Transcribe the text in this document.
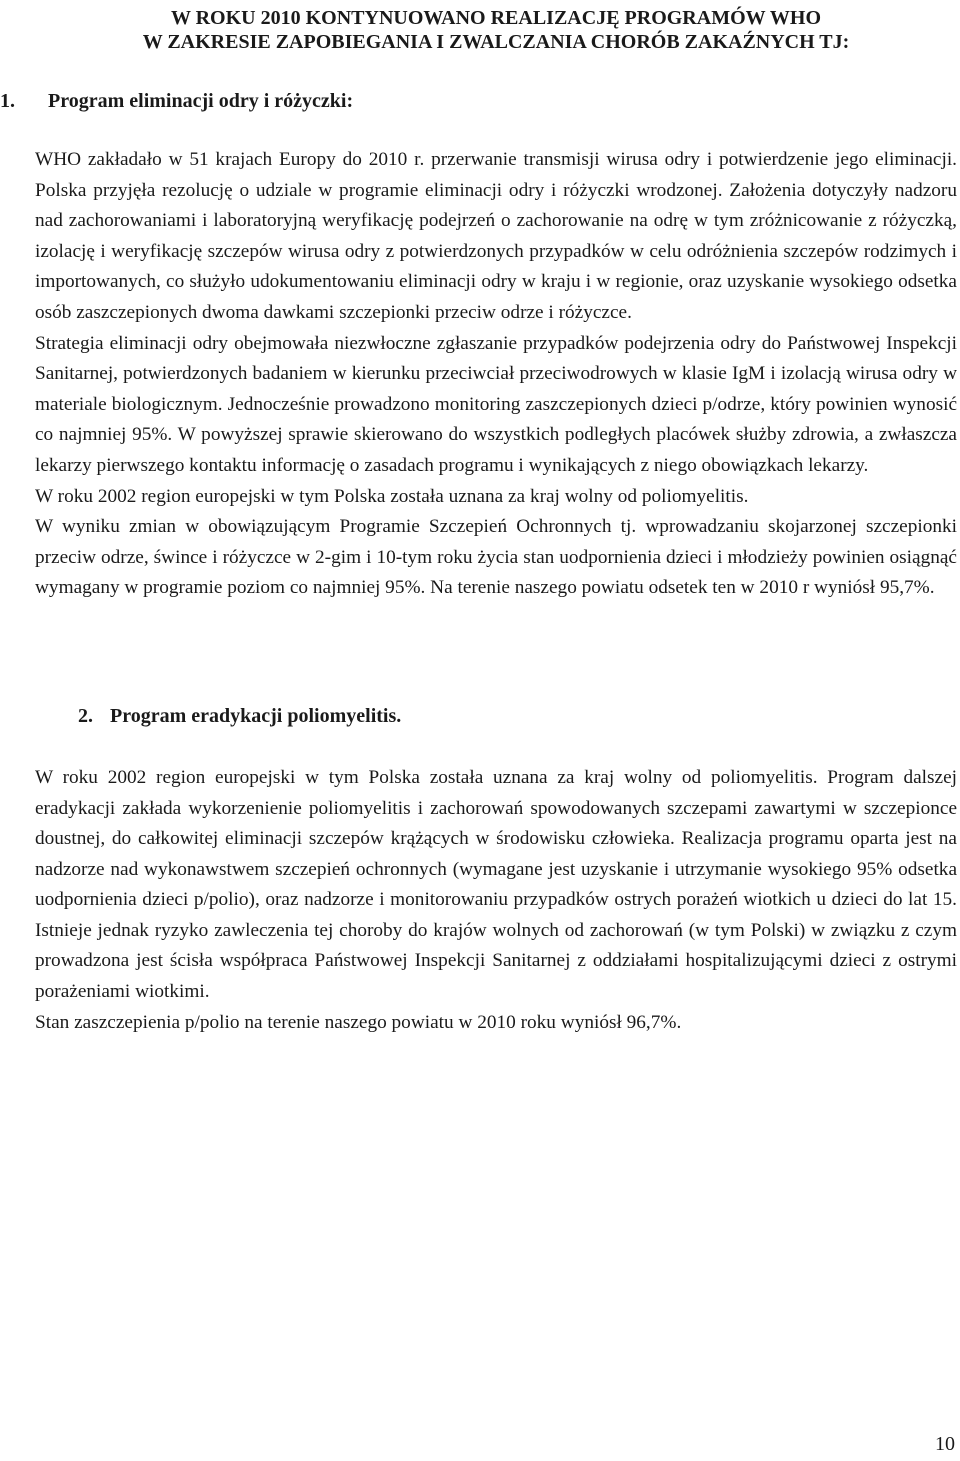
W ROKU 2010 KONTYNUOWANO REALIZACJĘ PROGRAMÓW WHO
W ZAKRESIE ZAPOBIEGANIA I ZWALCZANIA CHORÓB ZAKAŹNYCH TJ:
1. Program eliminacji odry i różyczki:

WHO zakładało w 51 krajach Europy do 2010 r. przerwanie transmisji wirusa odry i potwierdzenie jego eliminacji. Polska przyjęła rezolucję o udziale w programie eliminacji odry i różyczki wrodzonej. Założenia dotyczyły nadzoru nad zachorowaniami i laboratoryjną weryfikację podejrzeń o zachorowanie na odrę w tym zróżnicowanie z różyczką, izolację i weryfikację szczepów wirusa odry z potwierdzonych przypadków w celu odróżnienia szczepów rodzimych i importowanych, co służyło udokumentowaniu eliminacji odry w kraju i w regionie, oraz uzyskanie wysokiego odsetka osób zaszczepionych dwoma dawkami szczepionki przeciw odrze i różyczce.

Strategia eliminacji odry obejmowała niezwłoczne zgłaszanie przypadków podejrzenia odry do Państwowej Inspekcji Sanitarnej, potwierdzonych badaniem w kierunku przeciwciał przeciwodrowych w klasie IgM i izolacją wirusa odry w materiale biologicznym. Jednocześnie prowadzono monitoring zaszczepionych dzieci p/odrze, który powinien wynosić co najmniej 95%. W powyższej sprawie skierowano do wszystkich podległych placówek służby zdrowia, a zwłaszcza lekarzy pierwszego kontaktu informację o zasadach programu i wynikających z niego obowiązkach lekarzy.

W roku 2002 region europejski w tym Polska została uznana za kraj wolny od poliomyelitis.

W wyniku zmian w obowiązującym Programie Szczepień Ochronnych tj. wprowadzaniu skojarzonej szczepionki przeciw odrze, śwince i różyczce w 2-gim i 10-tym roku życia stan uodpornienia dzieci i młodzieży powinien osiągnąć wymagany w programie poziom co najmniej 95%. Na terenie naszego powiatu odsetek ten w 2010 r wyniósł 95,7%.

2. Program eradykacji poliomyelitis.

W roku 2002 region europejski w tym Polska została uznana za kraj wolny od poliomyelitis. Program dalszej eradykacji zakłada wykorzenienie poliomyelitis i zachorowań spowodowanych szczepami zawartymi w szczepionce doustnej, do całkowitej eliminacji szczepów krążących w środowisku człowieka. Realizacja programu oparta jest na nadzorze nad wykonawstwem szczepień ochronnych (wymagane jest uzyskanie i utrzymanie wysokiego 95% odsetka uodpornienia dzieci p/polio), oraz nadzorze i monitorowaniu przypadków ostrych porażeń wiotkich u dzieci do lat 15. Istnieje jednak ryzyko zawleczenia tej choroby do krajów wolnych od zachorowań (w tym Polski) w związku z czym prowadzona jest ścisła współpraca Państwowej Inspekcji Sanitarnej z oddziałami hospitalizującymi dzieci z ostrymi porażeniami wiotkimi.

Stan zaszczepienia p/polio na terenie naszego powiatu w 2010 roku wyniósł 96,7%.

10
